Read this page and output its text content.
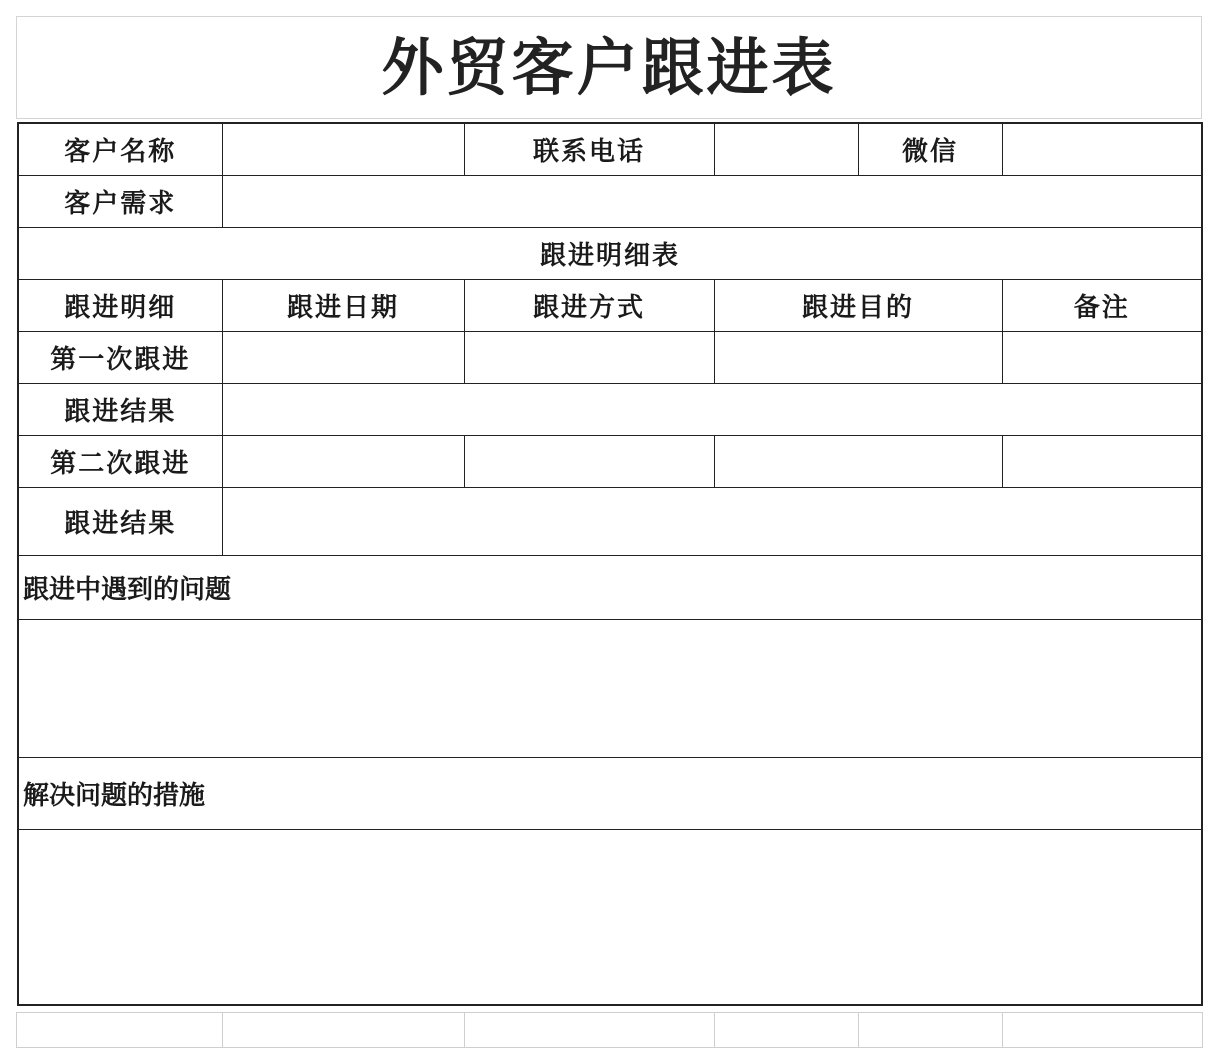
外贸客户跟进表
客户名称		联系电话		微信	
客户需求					
跟进明细表					
跟进明细	跟进日期	跟进方式	跟进目的		备注
第一次跟进					
跟进结果					
第二次跟进					
跟进结果					
跟进中遇到的问题					

解决问题的措施					
